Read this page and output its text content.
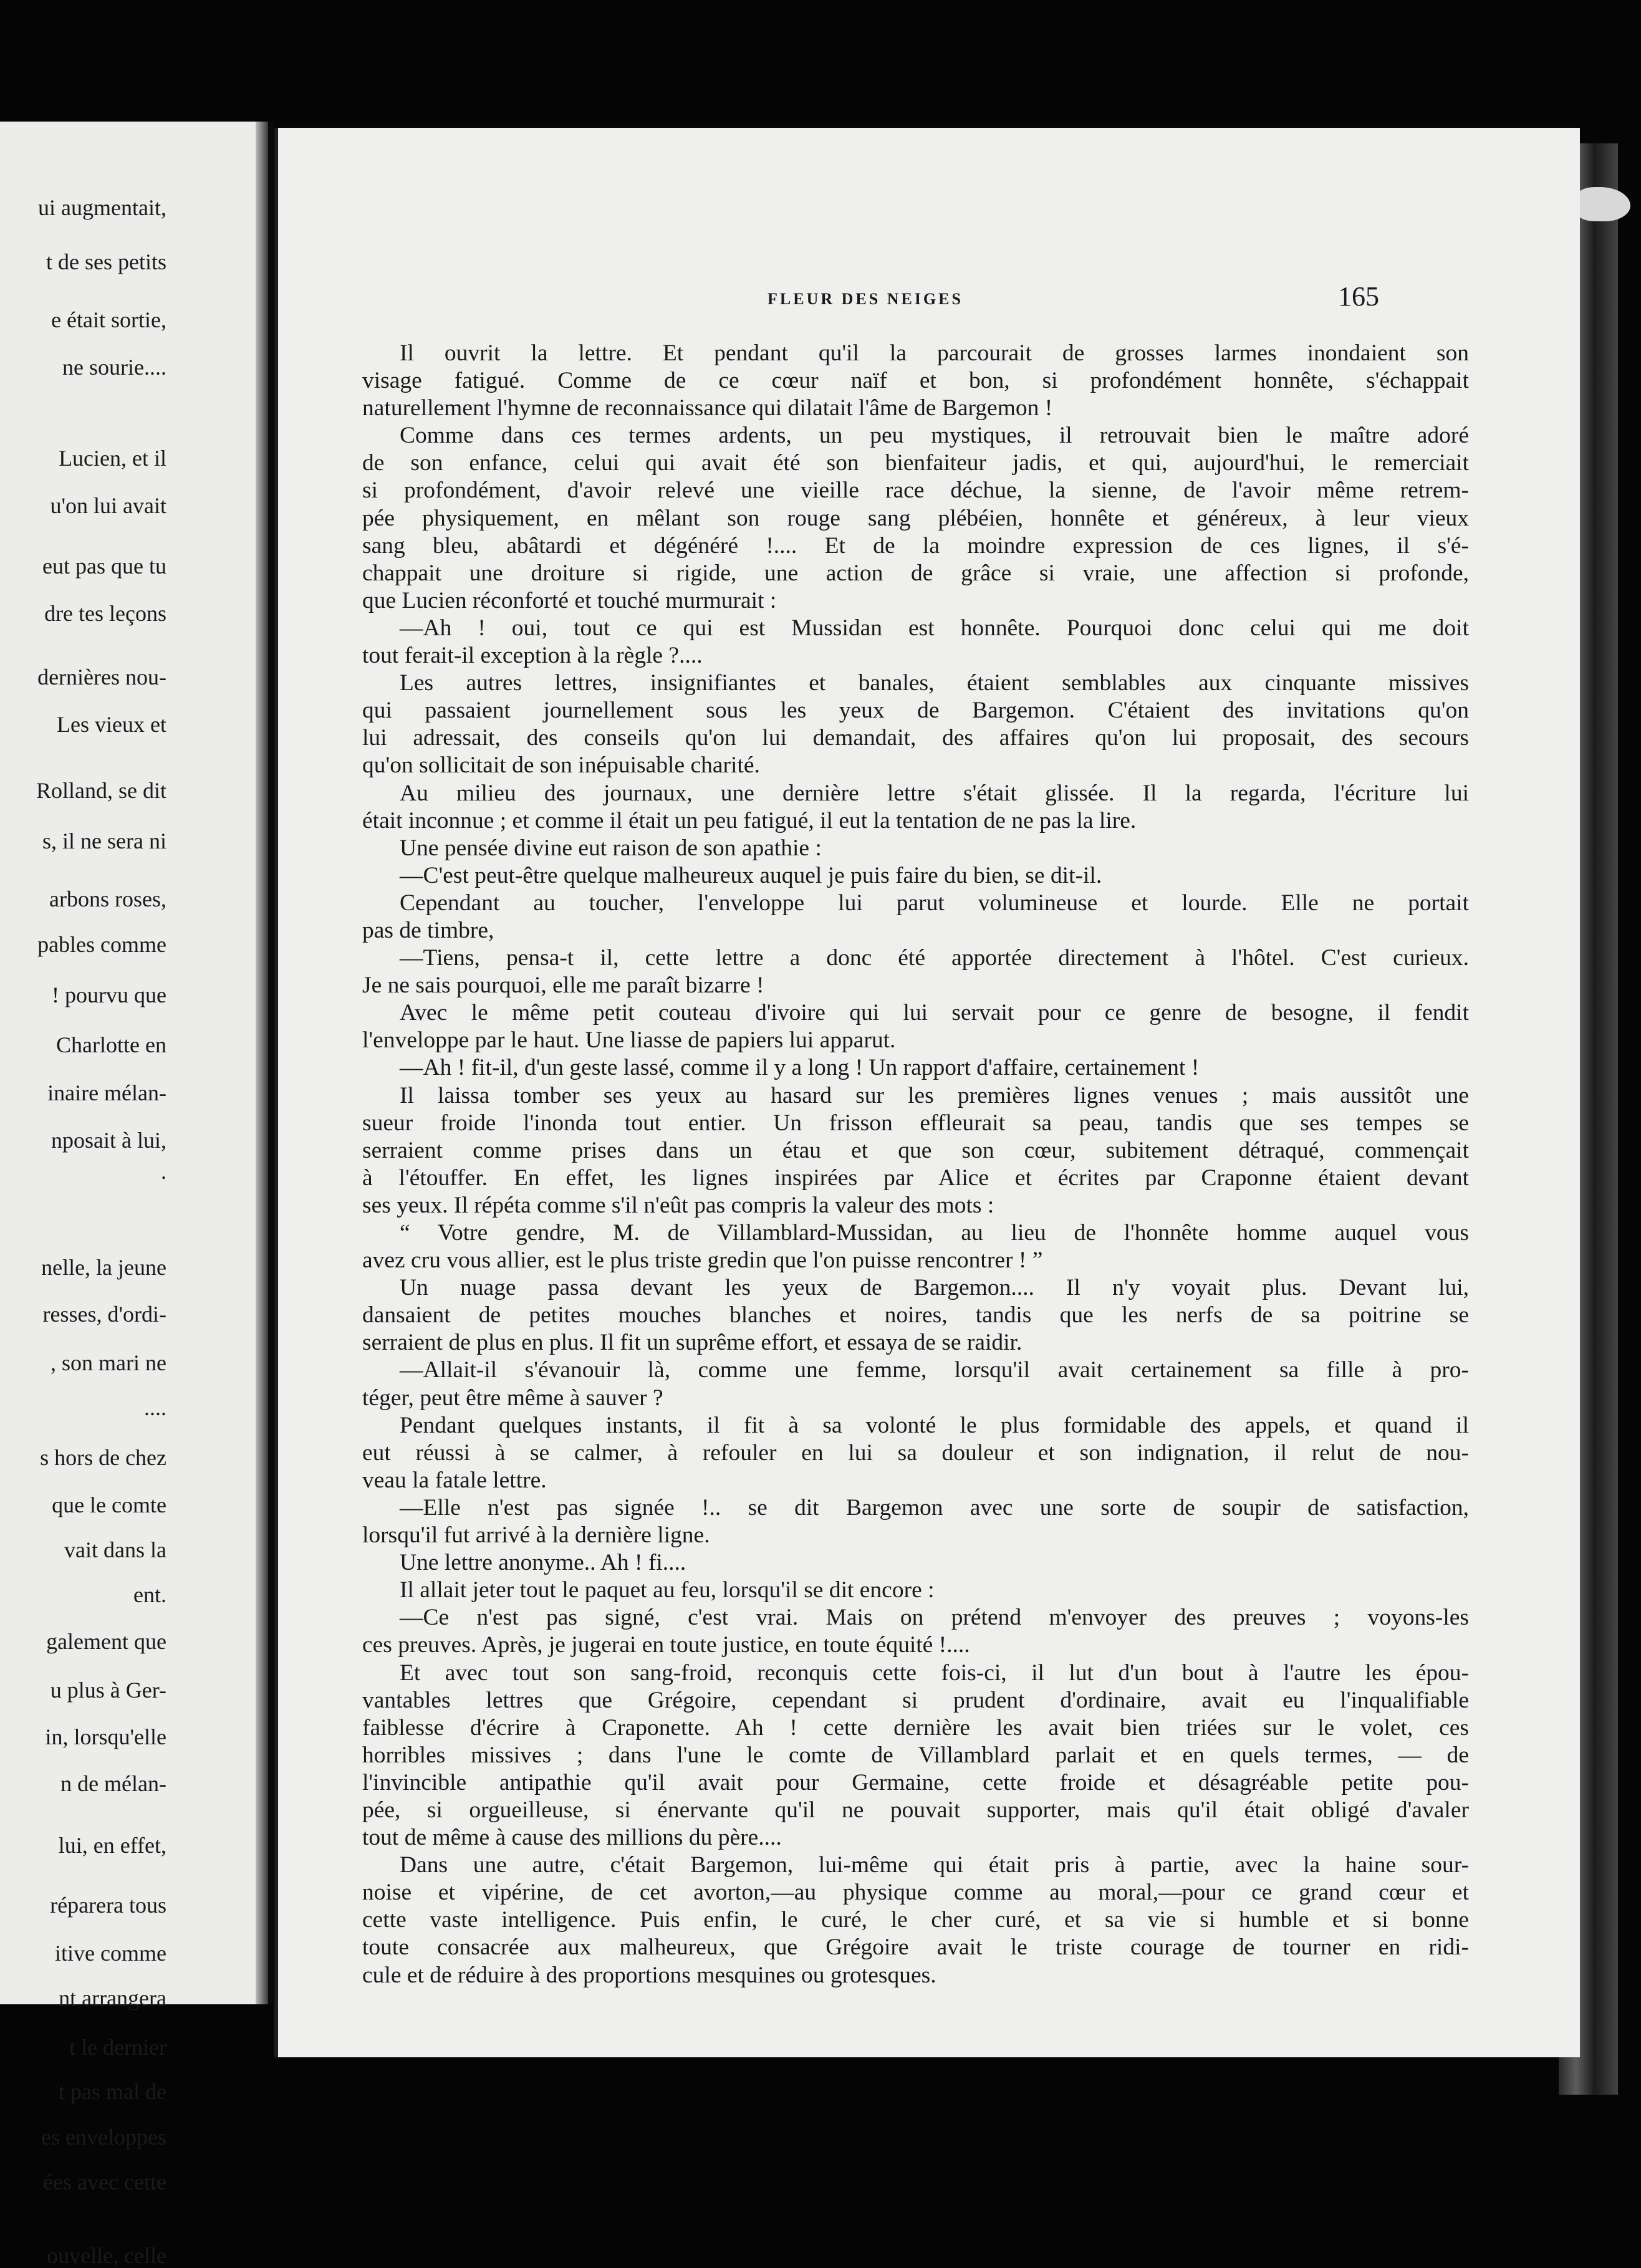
ui augmentait,
t de ses petits
e était sortie,
ne sourie....
Lucien, et il
u'on lui avait
eut pas que tu
dre tes leçons
dernières nou-
Les vieux et
Rolland, se dit
s, il ne sera ni
arbons roses,
pables comme
! pourvu que
Charlotte en
inaire mélan-
nposait à lui,
.
nelle, la jeune
resses, d'ordi-
, son mari ne
....
s hors de chez
que le comte
vait dans la
ent.
galement que
u plus à Ger-
in, lorsqu'elle
n de mélan-
lui, en effet,
réparera tous
itive comme
nt arrangera
t le dernier
t pas mal de
es enveloppes
ées avec cette
ouvelle, celle
FLEUR DES NEIGES	165

Il ouvrit la lettre. Et pendant qu'il la parcourait de grosses larmes inondaient son

visage fatigué. Comme de ce cœur naïf et bon, si profondément honnête, s'échappait

naturellement l'hymne de reconnaissance qui dilatait l'âme de Bargemon !

Comme dans ces termes ardents, un peu mystiques, il retrouvait bien le maître adoré

de son enfance, celui qui avait été son bienfaiteur jadis, et qui, aujourd'hui, le remerciait

si profondément, d'avoir relevé une vieille race déchue, la sienne, de l'avoir même retrem-

pée physiquement, en mêlant son rouge sang plébéien, honnête et généreux, à leur vieux

sang bleu, abâtardi et dégénéré !.... Et de la moindre expression de ces lignes, il s'é-

chappait une droiture si rigide, une action de grâce si vraie, une affection si profonde,

que Lucien réconforté et touché murmurait :

—Ah ! oui, tout ce qui est Mussidan est honnête. Pourquoi donc celui qui me doit

tout ferait-il exception à la règle ?....

Les autres lettres, insignifiantes et banales, étaient semblables aux cinquante missives

qui passaient journellement sous les yeux de Bargemon. C'étaient des invitations qu'on

lui adressait, des conseils qu'on lui demandait, des affaires qu'on lui proposait, des secours

qu'on sollicitait de son inépuisable charité.

Au milieu des journaux, une dernière lettre s'était glissée. Il la regarda, l'écriture lui

était inconnue ; et comme il était un peu fatigué, il eut la tentation de ne pas la lire.

Une pensée divine eut raison de son apathie :

—C'est peut-être quelque malheureux auquel je puis faire du bien, se dit-il.

Cependant au toucher, l'enveloppe lui parut volumineuse et lourde. Elle ne portait

pas de timbre,

—Tiens, pensa-t il, cette lettre a donc été apportée directement à l'hôtel. C'est curieux.

Je ne sais pourquoi, elle me paraît bizarre !

Avec le même petit couteau d'ivoire qui lui servait pour ce genre de besogne, il fendit

l'enveloppe par le haut. Une liasse de papiers lui apparut.

—Ah ! fit-il, d'un geste lassé, comme il y a long ! Un rapport d'affaire, certainement !

Il laissa tomber ses yeux au hasard sur les premières lignes venues ; mais aussitôt une

sueur froide l'inonda tout entier. Un frisson effleurait sa peau, tandis que ses tempes se

serraient comme prises dans un étau et que son cœur, subitement détraqué, commençait

à l'étouffer. En effet, les lignes inspirées par Alice et écrites par Craponne étaient devant

ses yeux. Il répéta comme s'il n'eût pas compris la valeur des mots :

“ Votre gendre, M. de Villamblard-Mussidan, au lieu de l'honnête homme auquel vous

avez cru vous allier, est le plus triste gredin que l'on puisse rencontrer ! ”

Un nuage passa devant les yeux de Bargemon.... Il n'y voyait plus. Devant lui,

dansaient de petites mouches blanches et noires, tandis que les nerfs de sa poitrine se

serraient de plus en plus. Il fit un suprême effort, et essaya de se raidir.

—Allait-il s'évanouir là, comme une femme, lorsqu'il avait certainement sa fille à pro-

téger, peut être même à sauver ?

Pendant quelques instants, il fit à sa volonté le plus formidable des appels, et quand il

eut réussi à se calmer, à refouler en lui sa douleur et son indignation, il relut de nou-

veau la fatale lettre.

—Elle n'est pas signée !.. se dit Bargemon avec une sorte de soupir de satisfaction,

lorsqu'il fut arrivé à la dernière ligne.

Une lettre anonyme.. Ah ! fi....

Il allait jeter tout le paquet au feu, lorsqu'il se dit encore :

—Ce n'est pas signé, c'est vrai. Mais on prétend m'envoyer des preuves ; voyons-les

ces preuves. Après, je jugerai en toute justice, en toute équité !....

Et avec tout son sang-froid, reconquis cette fois-ci, il lut d'un bout à l'autre les épou-

vantables lettres que Grégoire, cependant si prudent d'ordinaire, avait eu l'inqualifiable

faiblesse d'écrire à Craponette. Ah ! cette dernière les avait bien triées sur le volet, ces

horribles missives ; dans l'une le comte de Villamblard parlait et en quels termes, — de

l'invincible antipathie qu'il avait pour Germaine, cette froide et désagréable petite pou-

pée, si orgueilleuse, si énervante qu'il ne pouvait supporter, mais qu'il était obligé d'avaler

tout de même à cause des millions du père....

Dans une autre, c'était Bargemon, lui-même qui était pris à partie, avec la haine sour-

noise et vipérine, de cet avorton,—au physique comme au moral,—pour ce grand cœur et

cette vaste intelligence. Puis enfin, le curé, le cher curé, et sa vie si humble et si bonne

toute consacrée aux malheureux, que Grégoire avait le triste courage de tourner en ridi-

cule et de réduire à des proportions mesquines ou grotesques.
